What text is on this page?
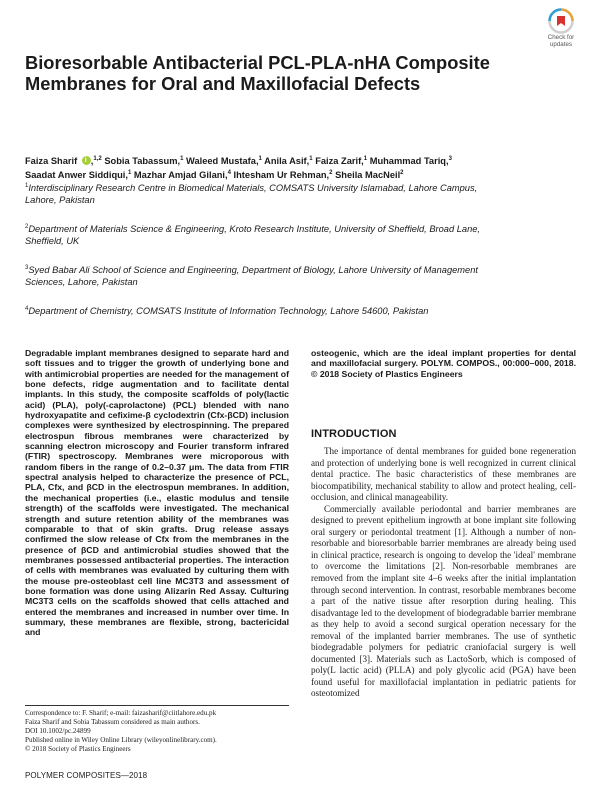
Check for
updates
Bioresorbable Antibacterial PCL-PLA-nHA Composite Membranes for Oral and Maxillofacial Defects
Faiza Sharif i ,$^{1,2}$ Sobia Tabassum,$^1$ Waleed Mustafa,$^1$ Anila Asif,$^1$ Faiza Zarif,$^1$ Muhammad Tariq,$^3$
Saadat Anwer Siddiqui,$^1$ Mazhar Amjad Gilani,$^4$ Ihtesham Ur Rehman,$^2$ Sheila MacNeil$^2$
$^1$Interdisciplinary Research Centre in Biomedical Materials, COMSATS University Islamabad, Lahore Campus, Lahore, Pakistan
$^2$Department of Materials Science & Engineering, Kroto Research Institute, University of Sheffield, Broad Lane, Sheffield, UK
$^3$Syed Babar Ali School of Science and Engineering, Department of Biology, Lahore University of Management Sciences, Lahore, Pakistan
$^4$Department of Chemistry, COMSATS Institute of Information Technology, Lahore 54600, Pakistan

Degradable implant membranes designed to separate hard and soft tissues and to trigger the growth of underlying bone and with antimicrobial properties are needed for the management of bone defects, ridge augmentation and to facilitate dental implants. In this study, the composite scaffolds of poly(lactic acid) (PLA), poly(-caprolactone) (PCL) blended with nano hydroxyapatite and cefixime-β cyclodextrin (Cfx-βCD) inclusion complexes were synthesized by electrospinning. The prepared electrospun fibrous membranes were characterized by scanning electron microscopy and Fourier transform infrared (FTIR) spectroscopy. Membranes were microporous with random fibers in the range of 0.2–0.37 μm. The data from FTIR spectral analysis helped to characterize the presence of PCL, PLA, Cfx, and βCD in the electrospun membranes. In addition, the mechanical properties (i.e., elastic modulus and tensile strength) of the scaffolds were investigated. The mechanical strength and suture retention ability of the membranes was comparable to that of skin grafts. Drug release assays confirmed the slow release of Cfx from the membranes in the presence of βCD and antimicrobial studies showed that the membranes possessed antibacterial properties. The interaction of cells with membranes was evaluated by culturing them with the mouse pre-osteoblast cell line MC3T3 and assessment of bone formation was done using Alizarin Red Assay. Culturing MC3T3 cells on the scaffolds showed that cells attached and entered the membranes and increased in number over time. In summary, these membranes are flexible, strong, bactericidal and

Correspondence to: F. Sharif; e-mail: faizasharif@ciitlahore.edu.pk
Faiza Sharif and Sobia Tabassum considered as main authors.
DOI 10.1002/pc.24899
Published online in Wiley Online Library (wileyonlinelibrary.com).
© 2018 Society of Plastics Engineers

osteogenic, which are the ideal implant properties for dental and maxillofacial surgery. POLYM. COMPOS., 00:000–000, 2018. © 2018 Society of Plastics Engineers

INTRODUCTION

The importance of dental membranes for guided bone regeneration and protection of underlying bone is well recognized in current clinical dental practice. The basic characteristics of these membranes are biocompatibility, mechanical stability to allow and protect healing, cell-occlusion, and clinical manageability.

Commercially available periodontal and barrier membranes are designed to prevent epithelium ingrowth at bone implant site following oral surgery or periodontal treatment [1]. Although a number of non-resorbable and bioresorbable barrier membranes are already being used in clinical practice, research is ongoing to develop the 'ideal' membrane to overcome the limitations [2]. Non-resorbable membranes are removed from the implant site 4–6 weeks after the initial implantation through second intervention. In contrast, resorbable membranes become a part of the native tissue after resorption during healing. This disadvantage led to the development of biodegradable barrier membrane as they help to avoid a second surgical operation necessary for the removal of the implanted barrier membranes. The use of synthetic biodegradable polymers for pediatric craniofacial surgery is well documented [3]. Materials such as LactoSorb, which is composed of poly(L lactic acid) (PLLA) and poly glycolic acid (PGA) have been found useful for maxillofacial implantation in pediatric patients for osteotomized

POLYMER COMPOSITES—2018
